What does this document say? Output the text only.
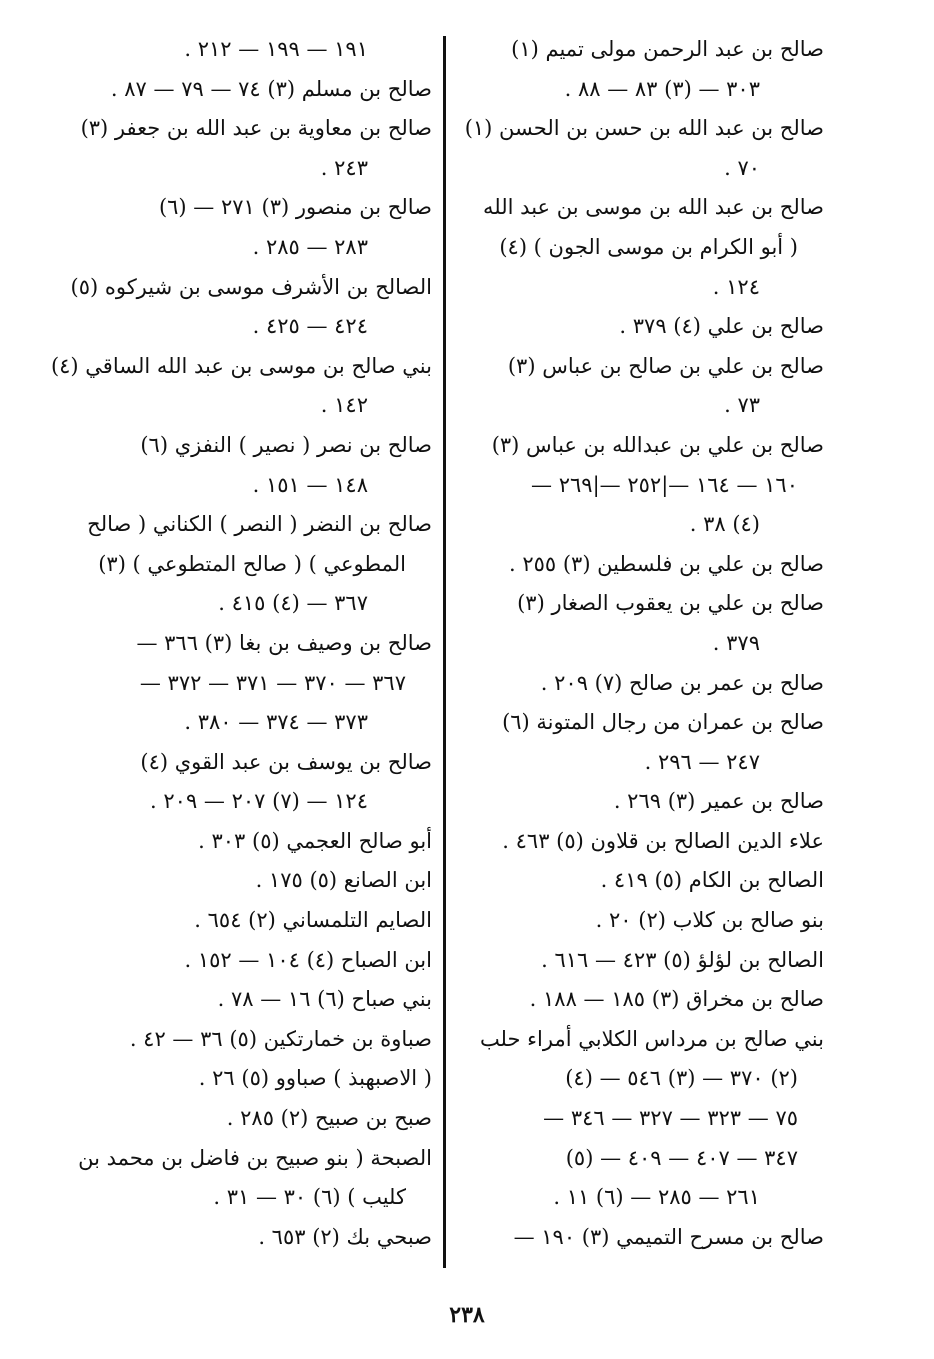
صالح بن عبد الرحمن مولى تميم (١)
٣٠٣ — (٣) ٨٣ — ٨٨ .
صالح بن عبد الله بن حسن بن الحسن (١)
٧٠ .
صالح بن عبد الله بن موسى بن عبد الله
( أبو الكرام بن موسى الجون ) (٤)
١٢٤ .
صالح بن علي (٤) ٣٧٩ .
صالح بن علي بن صالح بن عباس (٣)
٧٣ .
صالح بن علي بن عبدالله بن عباس (٣)
١٦٠ — ١٦٤ —|٢٥٢ —|٢٦٩ —
(٤) ٣٨ .
صالح بن علي بن فلسطين (٣) ٢٥٥ .
صالح بن علي بن يعقوب الصغار (٣)
٣٧٩ .
صالح بن عمر بن صالح (٧) ٢٠٩ .
صالح بن عمران من رجال المتونة (٦)
٢٤٧ — ٢٩٦ .
صالح بن عمير (٣) ٢٦٩ .
علاء الدين الصالح بن قلاون (٥) ٤٦٣ .
الصالح بن الكام (٥) ٤١٩ .
بنو صالح بن كلاب (٢) ٢٠ .
الصالح بن لؤلؤ (٥) ٤٢٣ — ٦١٦ .
صالح بن مخراق (٣) ١٨٥ — ١٨٨ .
بني صالح بن مرداس الكلابي أمراء حلب
(٢) ٣٧٠ — (٣) ٥٤٦ — (٤)
٧٥ — ٣٢٣ — ٣٢٧ — ٣٤٦ —
٣٤٧ — ٤٠٧ — ٤٠٩ — (٥)
٢٦١ — ٢٨٥ — (٦) ١١ .
صالح بن مسرح التميمي (٣) ١٩٠ —
١٩١ — ١٩٩ — ٢١٢ .
صالح بن مسلم (٣) ٧٤ — ٧٩ — ٨٧ .
صالح بن معاوية بن عبد الله بن جعفر (٣)
٢٤٣ .
صالح بن منصور (٣) ٢٧١ — (٦)
٢٨٣ — ٢٨٥ .
الصالح بن الأشرف موسى بن شيركوه (٥)
٤٢٤ — ٤٢٥ .
بني صالح بن موسى بن عبد الله الساقي (٤)
١٤٢ .
صالح بن نصر ( نصير ) النفزي (٦)
١٤٨ — ١٥١ .
صالح بن النضر ( النصر ) الكناني ( صالح
المطوعي ) ( صالح المتطوعي ) (٣)
٣٦٧ — (٤) ٤١٥ .
صالح بن وصيف بن بغا (٣) ٣٦٦ —
٣٦٧ — ٣٧٠ — ٣٧١ — ٣٧٢ —
٣٧٣ — ٣٧٤ — ٣٨٠ .
صالح بن يوسف بن عبد القوي (٤)
١٢٤ — (٧) ٢٠٧ — ٢٠٩ .
أبو صالح العجمي (٥) ٣٠٣ .
ابن الصانع (٥) ١٧٥ .
الصايم التلمساني (٢) ٦٥٤ .
ابن الصباح (٤) ١٠٤ — ١٥٢ .
بني صباح (٦) ١٦ — ٧٨ .
صباوة بن خمارتكين (٥) ٣٦ — ٤٢ .
( الاصبهبذ ) صباوو (٥) ٢٦ .
صبح بن صبيح (٢) ٢٨٥ .
الصبحة ( بنو صبيح بن فاضل بن محمد بن
كليب ) (٦) ٣٠ — ٣١ .
صبحي بك (٢) ٦٥٣ .
٢٣٨
